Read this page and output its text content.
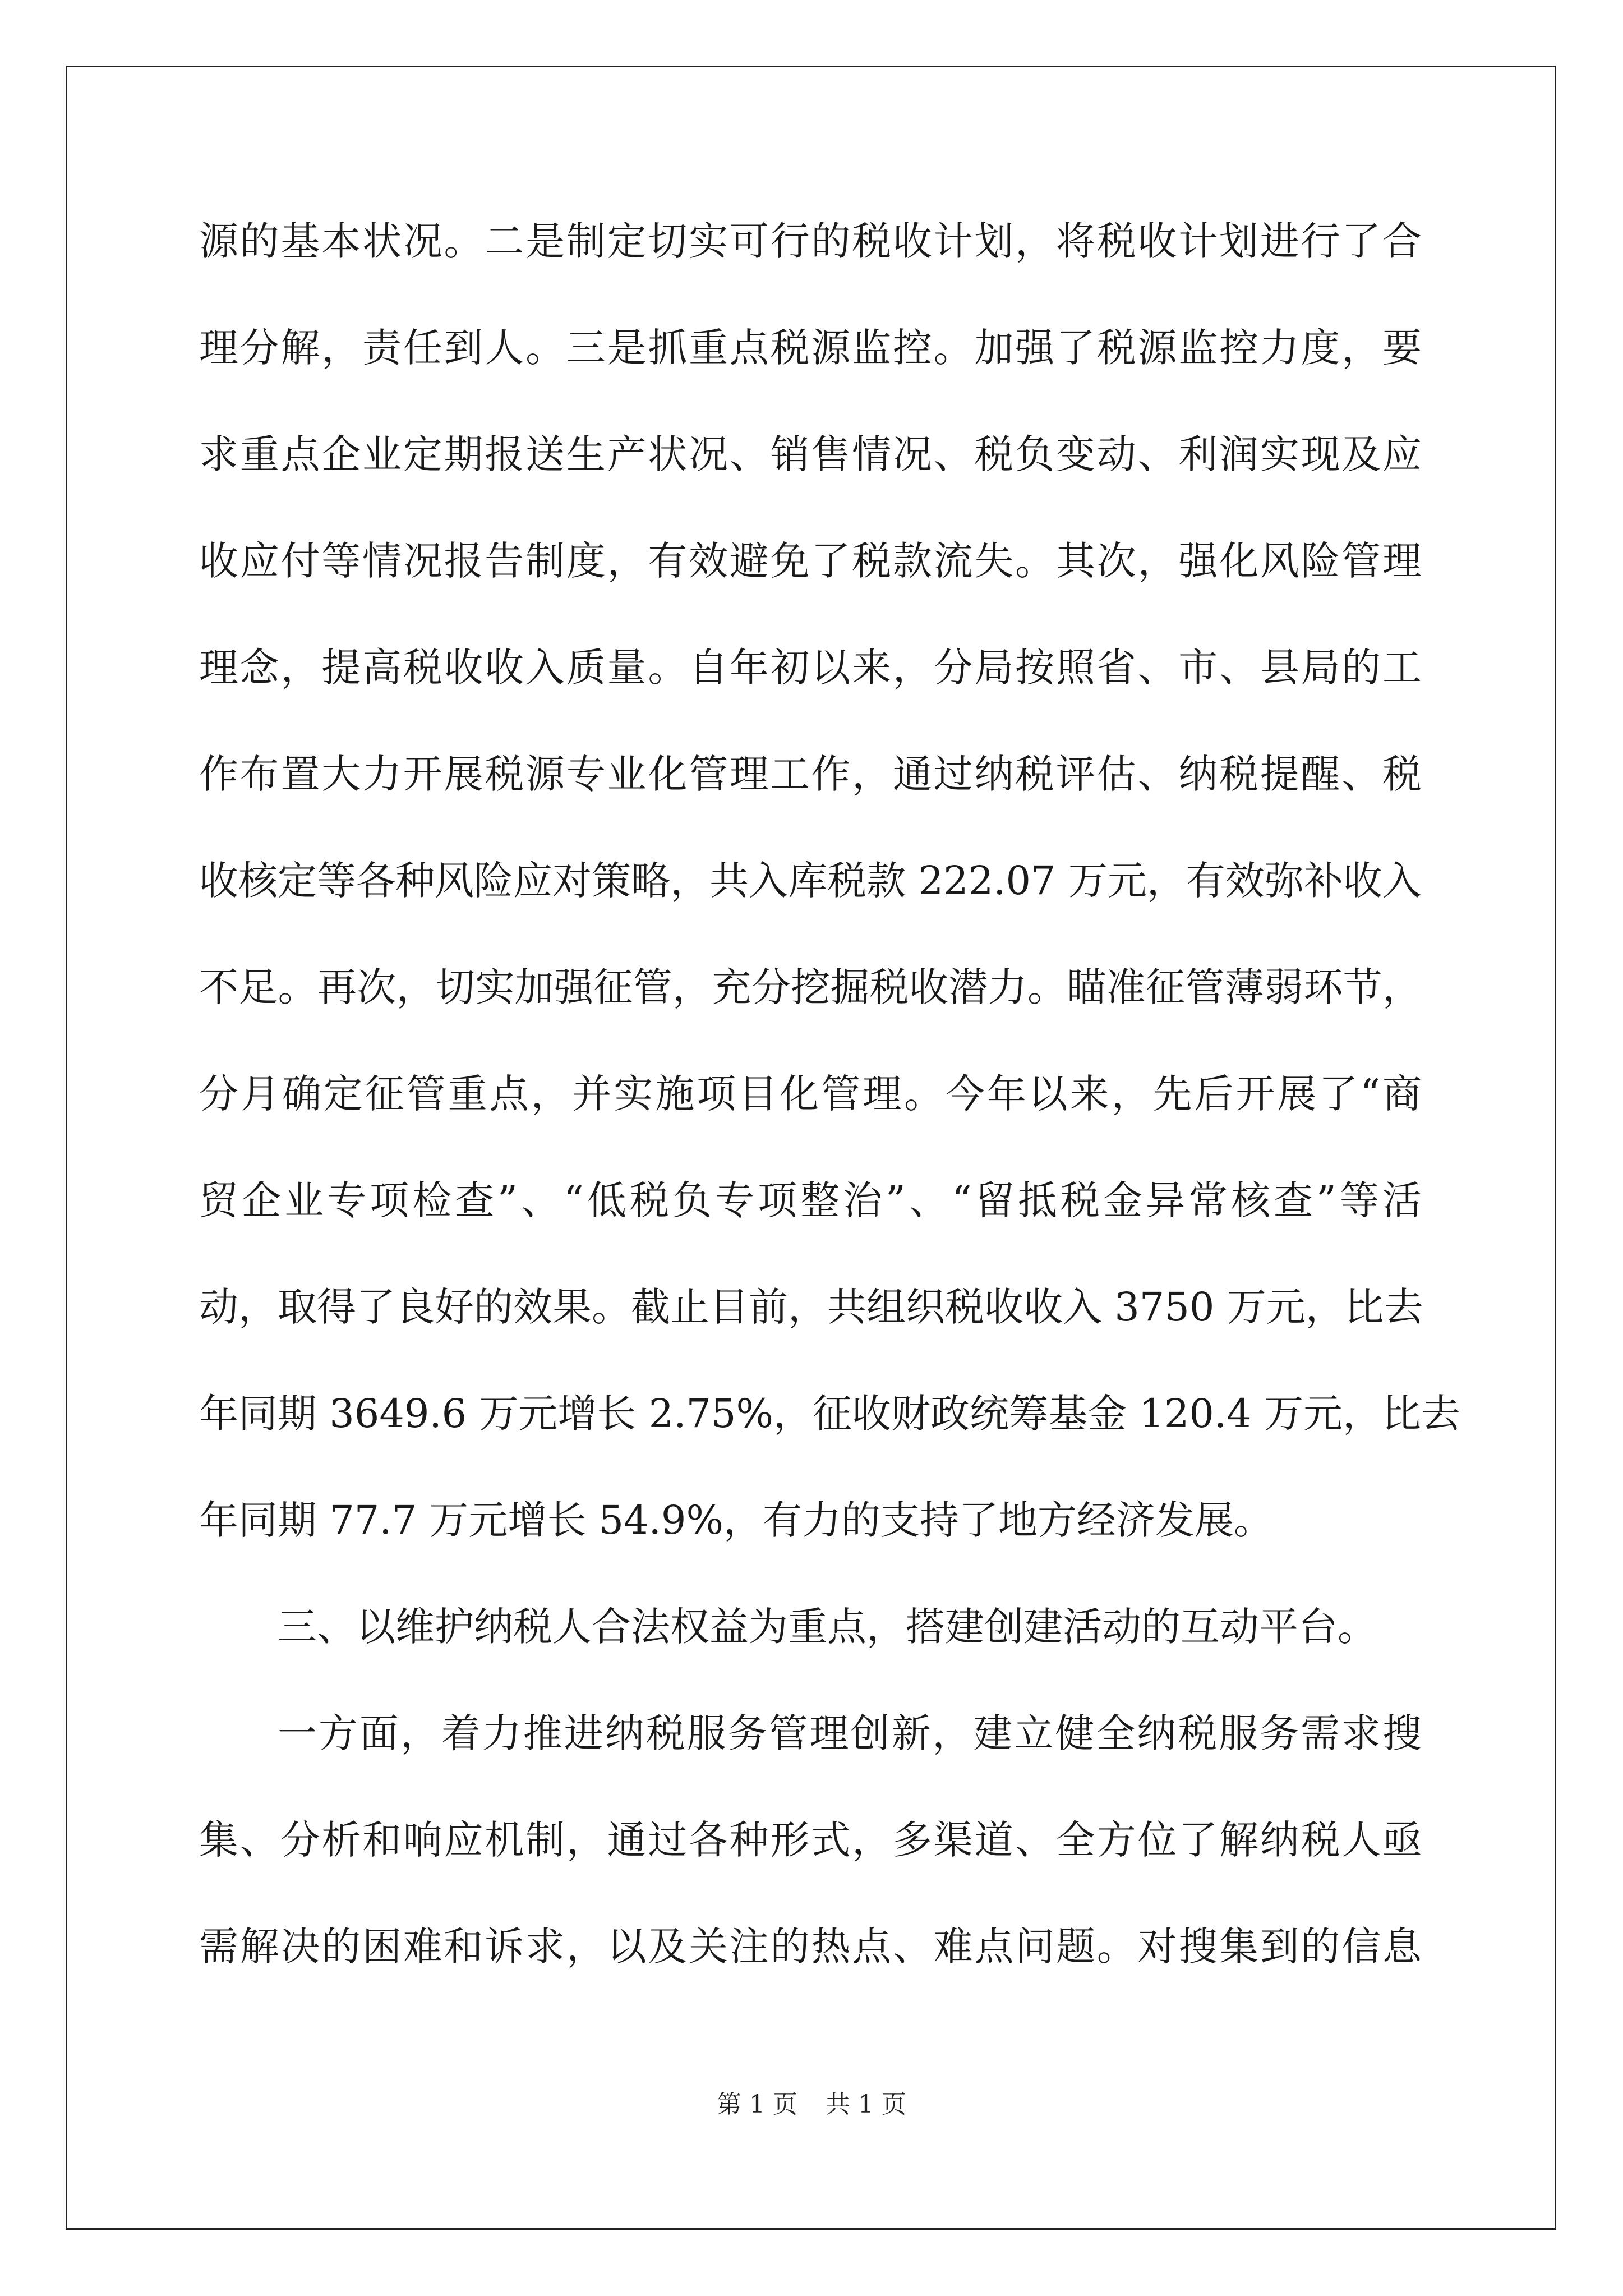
源的基本状况。二是制定切实可行的税收计划，将税收计划进行了合
理分解，责任到人。三是抓重点税源监控。加强了税源监控力度，要
求重点企业定期报送生产状况、销售情况、税负变动、利润实现及应
收应付等情况报告制度，有效避免了税款流失。其次，强化风险管理
理念，提高税收收入质量。自年初以来，分局按照省、市、县局的工
作布置大力开展税源专业化管理工作，通过纳税评估、纳税提醒、税
收核定等各种风险应对策略，共入库税款 222.07 万元，有效弥补收入
不足。再次，切实加强征管，充分挖掘税收潜力。瞄准征管薄弱环节，
分月确定征管重点，并实施项目化管理。今年以来，先后开展了“商
贸企业专项检查”、“低税负专项整治”、“留抵税金异常核查”等活
动，取得了良好的效果。截止目前，共组织税收收入 3750 万元，比去
年同期 3649.6 万元增长 2.75%，征收财政统筹基金 120.4 万元，比去
年同期 77.7 万元增长 54.9%，有力的支持了地方经济发展。
三、以维护纳税人合法权益为重点，搭建创建活动的互动平台。
一方面，着力推进纳税服务管理创新，建立健全纳税服务需求搜
集、分析和响应机制，通过各种形式，多渠道、全方位了解纳税人亟
需解决的困难和诉求，以及关注的热点、难点问题。对搜集到的信息
第 1 页 共 1 页
